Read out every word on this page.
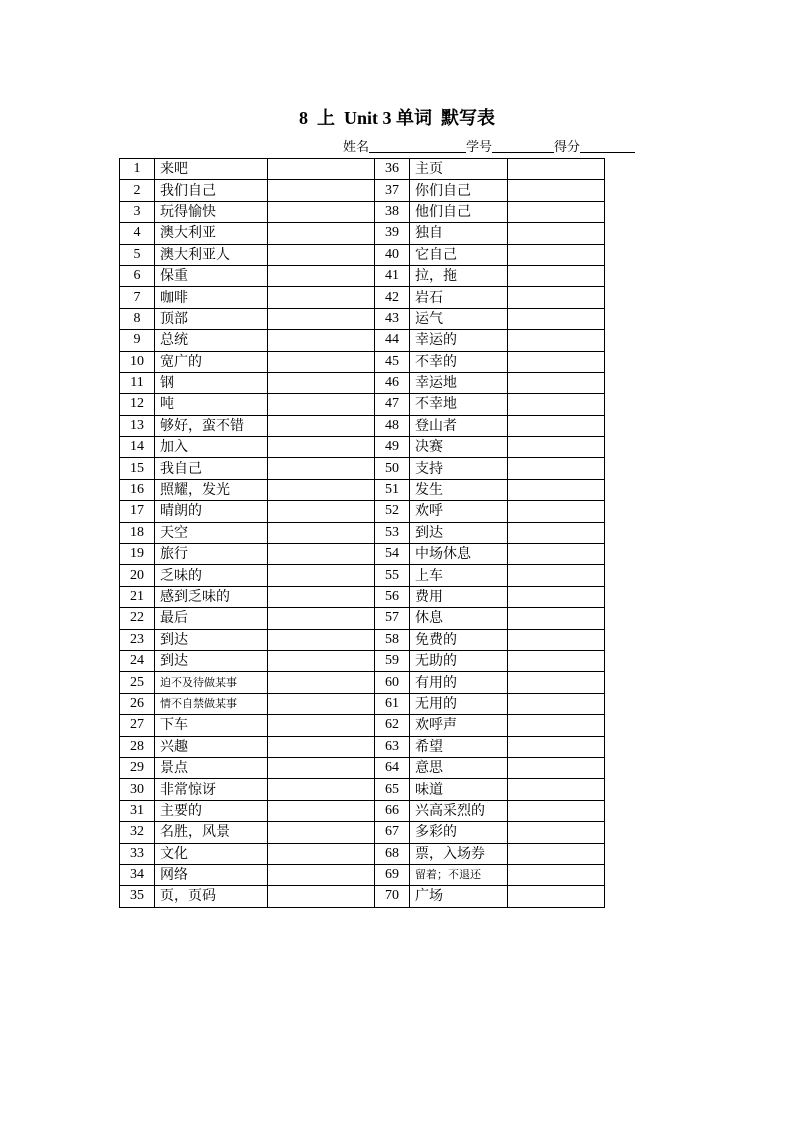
8  上  Unit 3 单词  默写表
姓名	学号	得分
1	来吧		36	主页	
2	我们自己		37	你们自己	
3	玩得愉快		38	他们自己	
4	澳大利亚		39	独自	
5	澳大利亚人		40	它自己	
6	保重		41	拉，拖	
7	咖啡		42	岩石	
8	顶部		43	运气	
9	总统		44	幸运的	
10	宽广的		45	不幸的	
11	钢		46	幸运地	
12	吨		47	不幸地	
13	够好，蛮不错		48	登山者	
14	加入		49	决赛	
15	我自己		50	支持	
16	照耀，发光		51	发生	
17	晴朗的		52	欢呼	
18	天空		53	到达	
19	旅行		54	中场休息	
20	乏味的		55	上车	
21	感到乏味的		56	费用	
22	最后		57	休息	
23	到达		58	免费的	
24	到达		59	无助的	
25	迫不及待做某事		60	有用的	
26	情不自禁做某事		61	无用的	
27	下车		62	欢呼声	
28	兴趣		63	希望	
29	景点		64	意思	
30	非常惊讶		65	味道	
31	主要的		66	兴高采烈的	
32	名胜，风景		67	多彩的	
33	文化		68	票，入场券	
34	网络		69	留着；不退还	
35	页，页码		70	广场	
